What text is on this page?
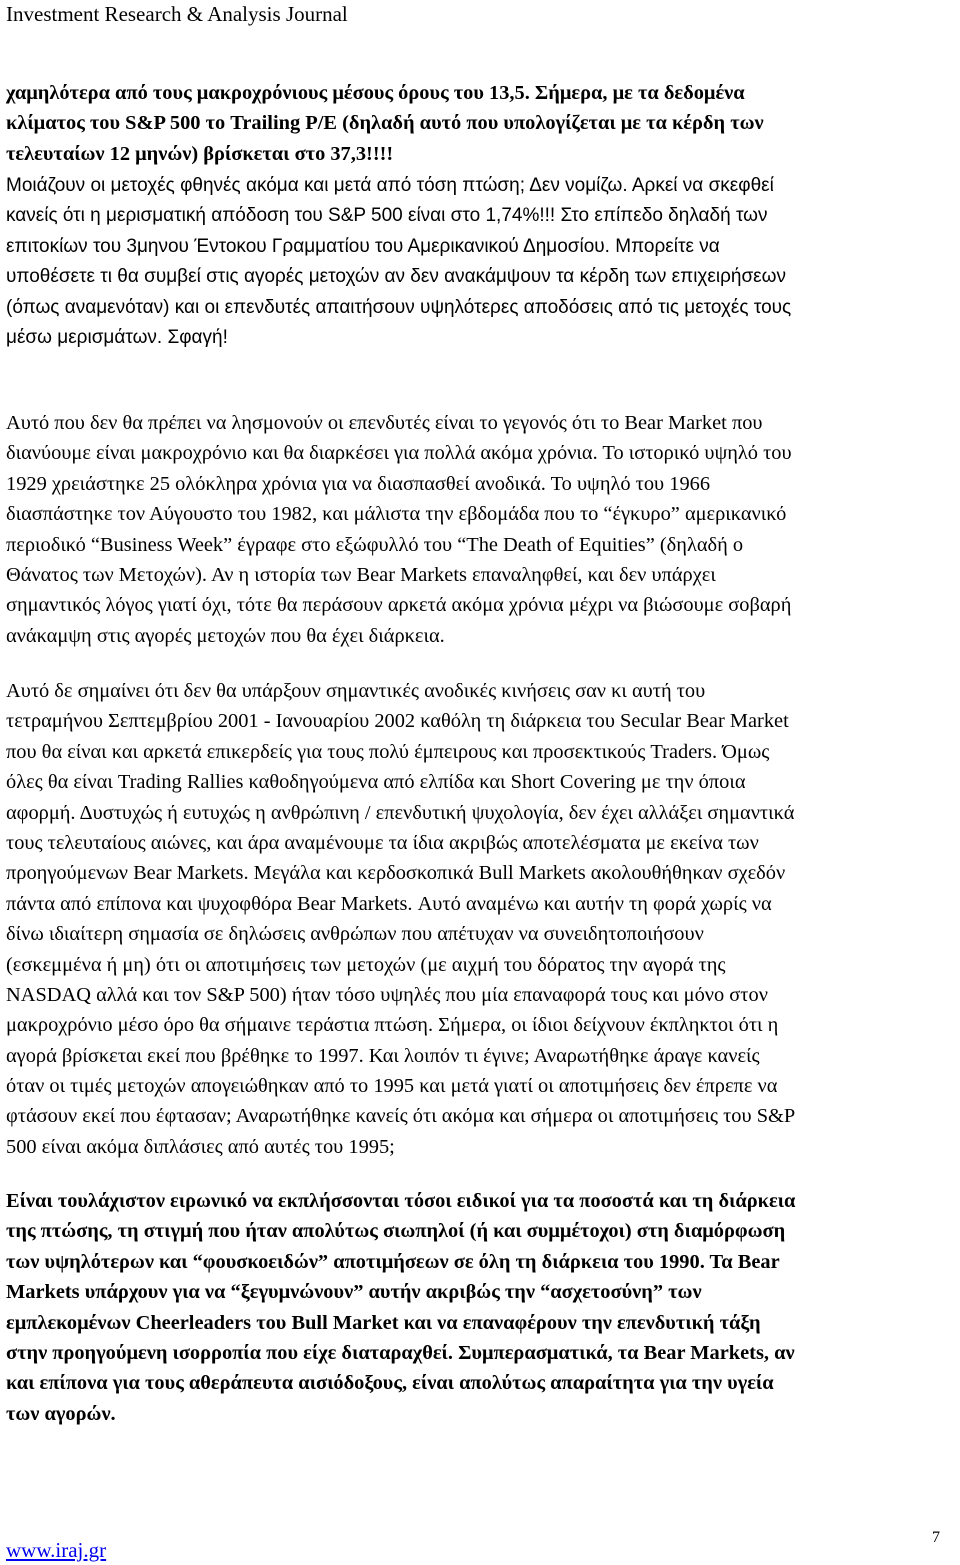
Investment Research & Analysis Journal
χαμηλότερα από τους μακροχρόνιους μέσους όρους του 13,5. Σήμερα, με τα δεδομένα
κλίματος του S&P 500 το Trailing P/E (δηλαδή αυτό που υπολογίζεται με τα κέρδη των
τελευταίων 12 μηνών) βρίσκεται στο 37,3!!!!
Μοιάζουν οι μετοχές φθηνές ακόμα και μετά από τόση πτώση; Δεν νομίζω. Αρκεί να σκεφθεί
κανείς ότι η μερισματική απόδοση του S&P 500 είναι στο 1,74%!!! Στο επίπεδο δηλαδή των
επιτοκίων του 3μηνου Έντοκου Γραμματίου του Αμερικανικού Δημοσίου. Μπορείτε να
υποθέσετε τι θα συμβεί στις αγορές μετοχών αν δεν ανακάμψουν τα κέρδη των επιχειρήσεων
(όπως αναμενόταν) και οι επενδυτές απαιτήσουν υψηλότερες αποδόσεις από τις μετοχές τους
μέσω μερισμάτων. Σφαγή!
Αυτό που δεν θα πρέπει να λησμονούν οι επενδυτές είναι το γεγονός ότι το Bear Market που
διανύουμε είναι μακροχρόνιο και θα διαρκέσει για πολλά ακόμα χρόνια. Το ιστορικό υψηλό του
1929 χρειάστηκε 25 ολόκληρα χρόνια για να διασπασθεί ανοδικά. Το υψηλό του 1966
διασπάστηκε τον Αύγουστο του 1982, και μάλιστα την εβδομάδα που το “έγκυρο” αμερικανικό
περιοδικό “Business Week” έγραφε στο εξώφυλλό του “The Death of Equities” (δηλαδή ο
Θάνατος των Μετοχών). Αν η ιστορία των Bear Markets επαναληφθεί, και δεν υπάρχει
σημαντικός λόγος γιατί όχι, τότε θα περάσουν αρκετά ακόμα χρόνια μέχρι να βιώσουμε σοβαρή
ανάκαμψη στις αγορές μετοχών που θα έχει διάρκεια.
Αυτό δε σημαίνει ότι δεν θα υπάρξουν σημαντικές ανοδικές κινήσεις σαν κι αυτή του
τετραμήνου Σεπτεμβρίου 2001 - Ιανουαρίου 2002 καθόλη τη διάρκεια του Secular Bear Market
που θα είναι και αρκετά επικερδείς για τους πολύ έμπειρους και προσεκτικούς Traders. Όμως
όλες θα είναι Trading Rallies καθοδηγούμενα από ελπίδα και Short Covering με την όποια
αφορμή. Δυστυχώς ή ευτυχώς η ανθρώπινη / επενδυτική ψυχολογία, δεν έχει αλλάξει σημαντικά
τους τελευταίους αιώνες, και άρα αναμένουμε τα ίδια ακριβώς αποτελέσματα με εκείνα των
προηγούμενων Bear Markets. Μεγάλα και κερδοσκοπικά Bull Markets ακολουθήθηκαν σχεδόν
πάντα από επίπονα και ψυχοφθόρα Bear Markets. Αυτό αναμένω και αυτήν τη φορά χωρίς να
δίνω ιδιαίτερη σημασία σε δηλώσεις ανθρώπων που απέτυχαν να συνειδητοποιήσουν
(εσκεμμένα ή μη) ότι οι αποτιμήσεις των μετοχών (με αιχμή του δόρατος την αγορά της
NASDAQ αλλά και τον S&P 500) ήταν τόσο υψηλές που μία επαναφορά τους και μόνο στον
μακροχρόνιο μέσο όρο θα σήμαινε τεράστια πτώση. Σήμερα, οι ίδιοι δείχνουν έκπληκτοι ότι η
αγορά βρίσκεται εκεί που βρέθηκε το 1997. Και λοιπόν τι έγινε; Αναρωτήθηκε άραγε κανείς
όταν οι τιμές μετοχών απογειώθηκαν από το 1995 και μετά γιατί οι αποτιμήσεις δεν έπρεπε να
φτάσουν εκεί που έφτασαν; Αναρωτήθηκε κανείς ότι ακόμα και σήμερα οι αποτιμήσεις του S&P
500 είναι ακόμα διπλάσιες από αυτές του 1995;
Είναι τουλάχιστον ειρωνικό να εκπλήσσονται τόσοι ειδικοί για τα ποσοστά και τη διάρκεια
της πτώσης, τη στιγμή που ήταν απολύτως σιωπηλοί (ή και συμμέτοχοι) στη διαμόρφωση
των υψηλότερων και “φουσκοειδών” αποτιμήσεων σε όλη τη διάρκεια του 1990. Τα Bear
Markets υπάρχουν για να “ξεγυμνώνουν” αυτήν ακριβώς την “ασχετοσύνη” των
εμπλεκομένων Cheerleaders του Bull Market και να επαναφέρουν την επενδυτική τάξη
στην προηγούμενη ισορροπία που είχε διαταραχθεί. Συμπερασματικά, τα Bear Markets, αν
και επίπονα για τους αθεράπευτα αισιόδοξους, είναι απολύτως απαραίτητα για την υγεία
των αγορών.
www.iraj.gr
7
